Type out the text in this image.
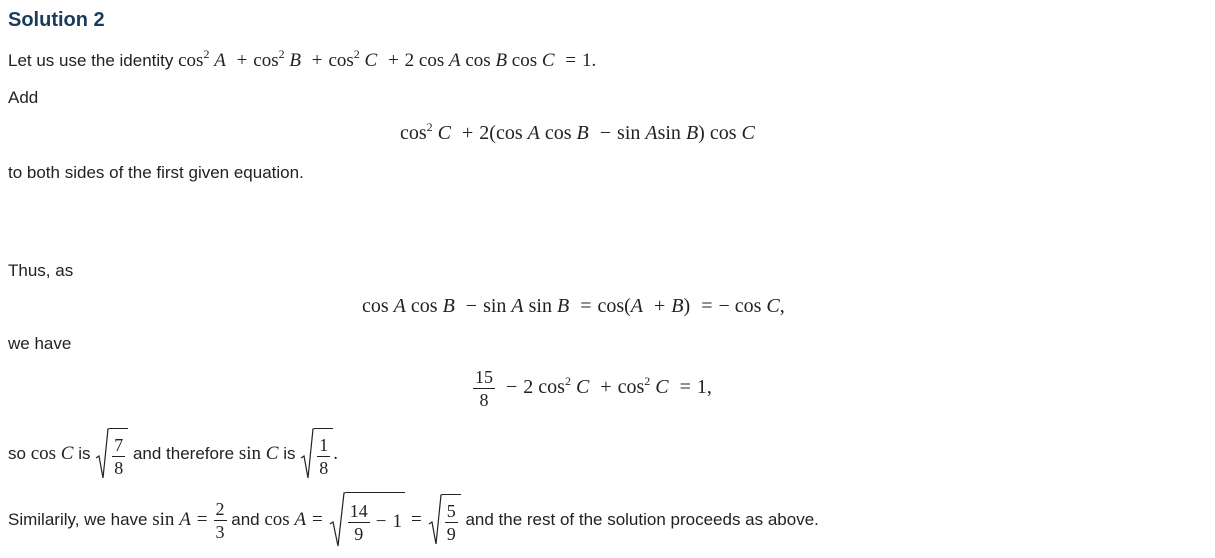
Solution 2
Let us use the identity $\cos^2 A + \cos^2 B + \cos^2 C + 2$ cos A cos B cos C = 1.
Add
$\cos^2 C + 2(\cos$ A cos B − sin Asin B) cos C
to both sides of the first given equation.
Thus, as
cos A cos B − sin A sin B = cos(A + B) = − cos C,
we have
$\frac{15}{8} - 2$ $\cos^2 C + \cos^2 C = 1$,
so
cos C
is
$\frac{7}{8}$
and therefore
sin C
is
$\frac{1}{8}$ .
Similarily, we have
$\sin A = \frac{2}{3}$
and
cos A =	$\frac{14}{9} - 1 = \frac{5}{9}$
and the rest of the solution proceeds as above.
